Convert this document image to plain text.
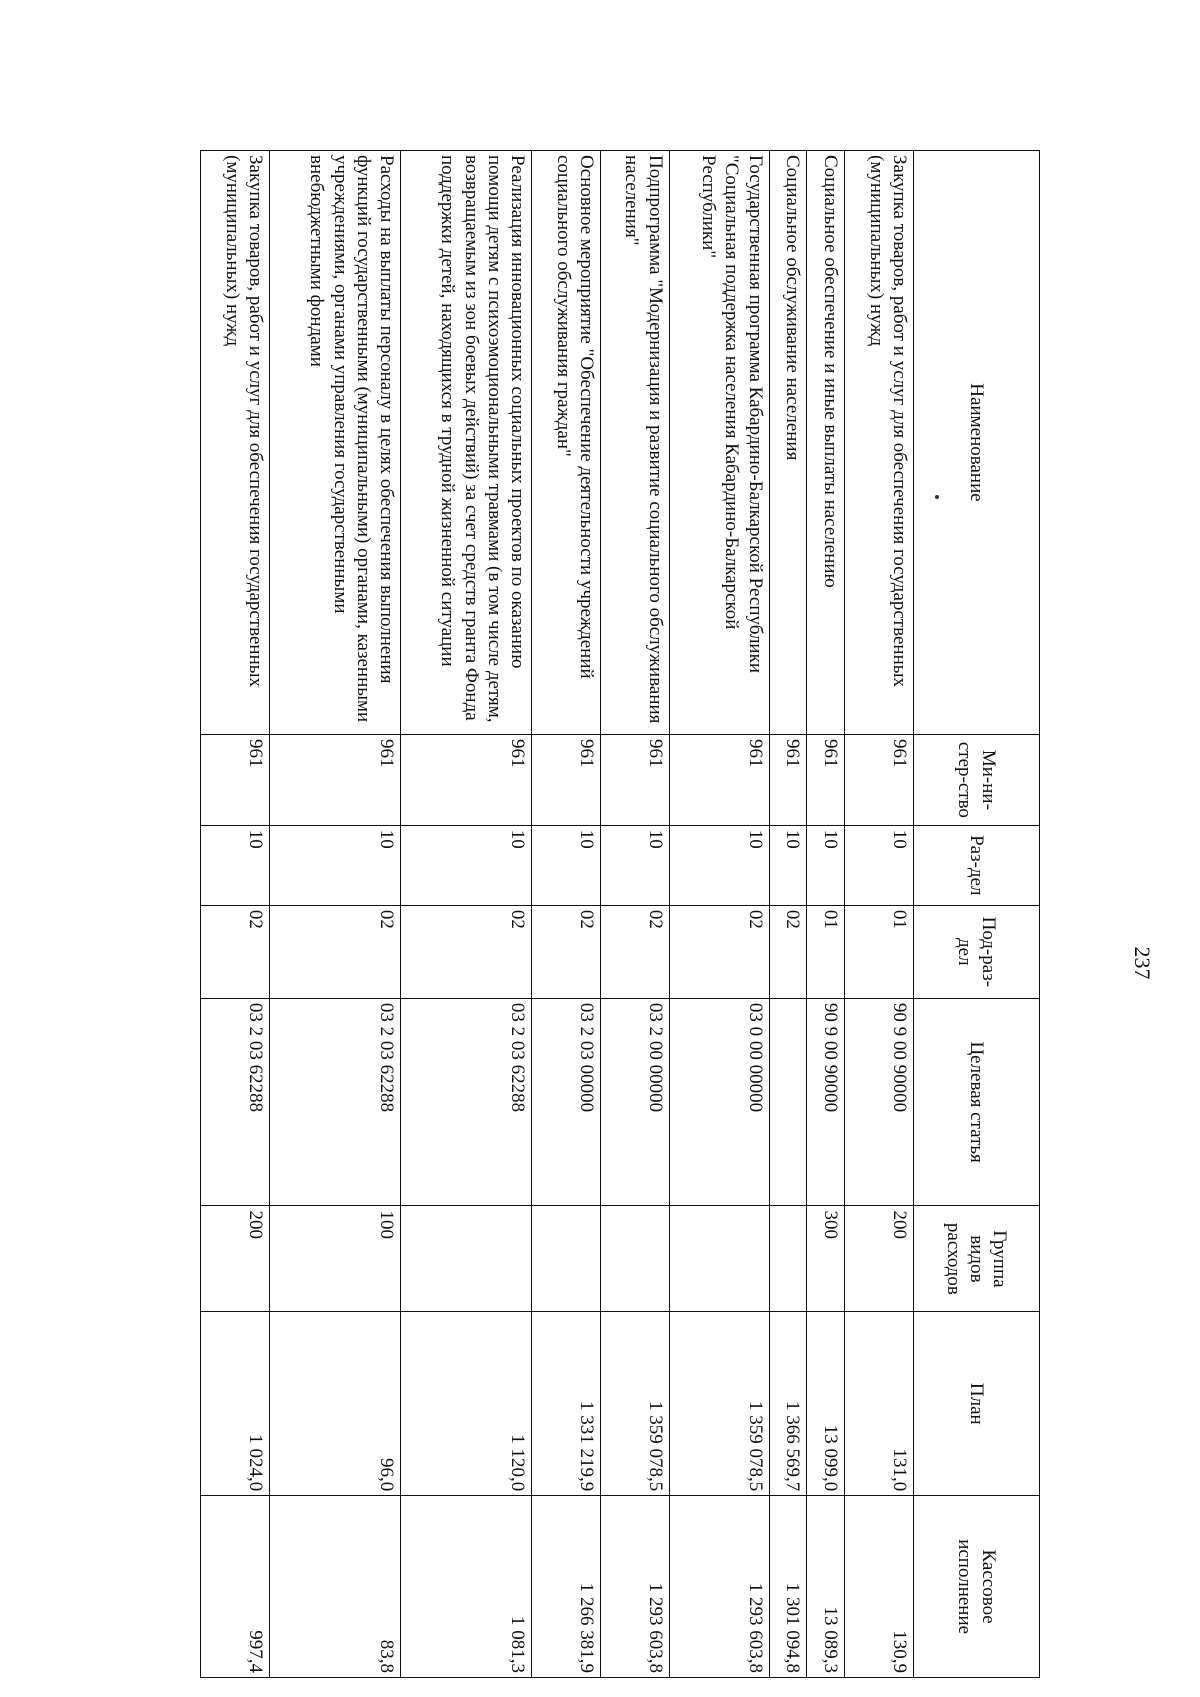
237
Наименование	Ми-ни-стер-ство	Раз-дел	Под-раз-дел	Целевая статья	Группа видов расходов	План	Кассовое исполнение
Закупка товаров, работ и услуг для обеспечения государственных (муниципальных) нужд	961	10	01	90 9 00 90000	200	131,0	130,9
Социальное обеспечение и иные выплаты населению	961	10	01	90 9 00 90000	300	13 099,0	13 089,3
Социальное обслуживание населения	961	10	02			1 366 569,7	1 301 094,8
Государственная программа Кабардино-Балкарской Республики "Социальная поддержка населения Кабардино-Балкарской Республики"	961	10	02	03 0 00 00000		1 359 078,5	1 293 603,8
Подпрограмма "Модернизация и развитие социального обслуживания населения"	961	10	02	03 2 00 00000		1 359 078,5	1 293 603,8
Основное мероприятие "Обеспечение деятельности учреждений социального обслуживания граждан"	961	10	02	03 2 03 00000		1 331 219,9	1 266 381,9
Реализация инновационных социальных проектов по оказанию помощи детям с психоэмоциональными травмами (в том числе детям, возвращаемым из зон боевых действий) за счет средств гранта Фонда поддержки детей, находящихся в трудной жизненной ситуации	961	10	02	03 2 03 62288		1 120,0	1 081,3
Расходы на выплаты персоналу в целях обеспечения выполнения функций государственными (муниципальными) органами, казенными учреждениями, органами управления государственными внебюджетными фондами	961	10	02	03 2 03 62288	100	96,0	83,8
Закупка товаров, работ и услуг для обеспечения государственных (муниципальных) нужд	961	10	02	03 2 03 62288	200	1 024,0	997,4
